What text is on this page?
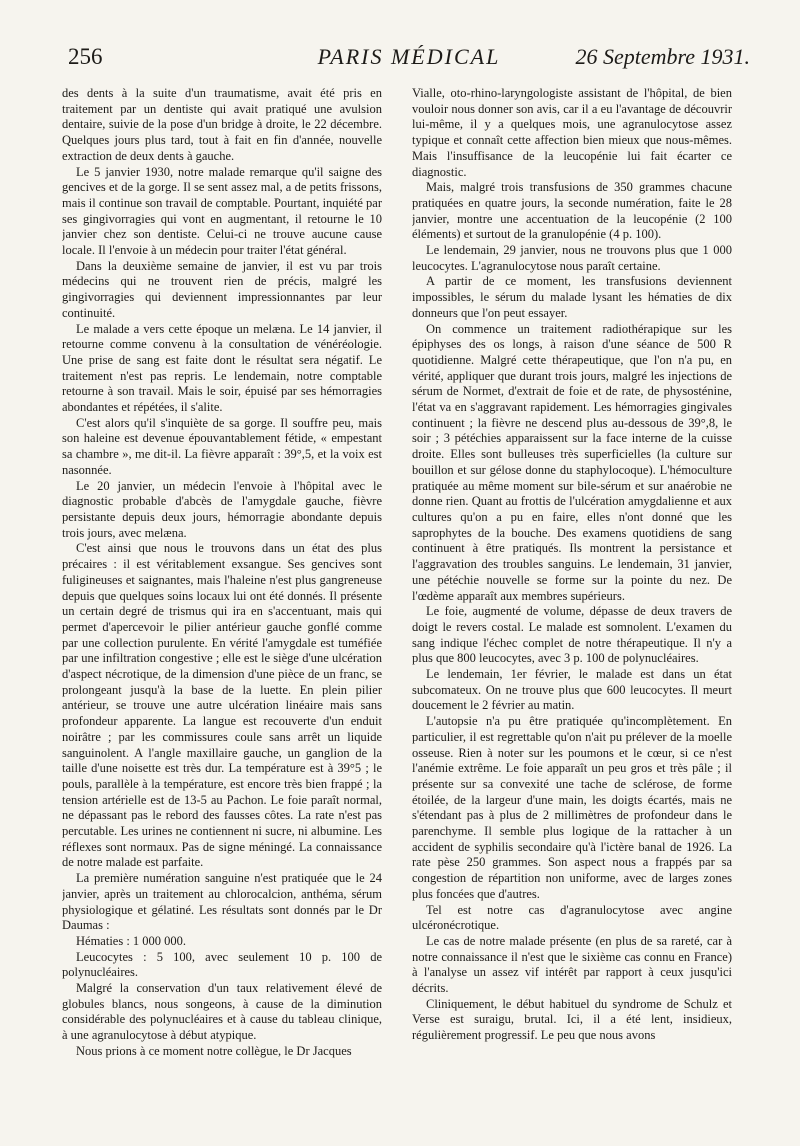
256	PARIS MÉDICAL	26 Septembre 1931.

des dents à la suite d'un traumatisme, avait été pris en traitement par un dentiste qui avait pratiqué une avulsion dentaire, suivie de la pose d'un bridge à droite, le 22 décembre. Quelques jours plus tard, tout à fait en fin d'année, nouvelle extraction de deux dents à gauche.

Le 5 janvier 1930, notre malade remarque qu'il saigne des gencives et de la gorge. Il se sent assez mal, a de petits frissons, mais il continue son travail de comptable. Pourtant, inquiété par ses gingivorragies qui vont en augmentant, il retourne le 10 janvier chez son dentiste. Celui-ci ne trouve aucune cause locale. Il l'envoie à un médecin pour traiter l'état général.

Dans la deuxième semaine de janvier, il est vu par trois médecins qui ne trouvent rien de précis, malgré les gingivorragies qui deviennent impressionnantes par leur continuité.

Le malade a vers cette époque un melæna. Le 14 janvier, il retourne comme convenu à la consultation de vénéréologie. Une prise de sang est faite dont le résultat sera négatif. Le traitement n'est pas repris. Le lendemain, notre comptable retourne à son travail. Mais le soir, épuisé par ses hémorragies abondantes et répétées, il s'alite.

C'est alors qu'il s'inquiète de sa gorge. Il souffre peu, mais son haleine est devenue épouvantablement fétide, « empestant sa chambre », me dit-il. La fièvre apparaît : 39°,5, et la voix est nasonnée.

Le 20 janvier, un médecin l'envoie à l'hôpital avec le diagnostic probable d'abcès de l'amygdale gauche, fièvre persistante depuis deux jours, hémorragie abondante depuis trois jours, avec melæna.

C'est ainsi que nous le trouvons dans un état des plus précaires : il est véritablement exsangue. Ses gencives sont fuligineuses et saignantes, mais l'haleine n'est plus gangreneuse depuis que quelques soins locaux lui ont été donnés. Il présente un certain degré de trismus qui ira en s'accentuant, mais qui permet d'apercevoir le pilier antérieur gauche gonflé comme par une collection purulente. En vérité l'amygdale est tuméfiée par une infiltration congestive ; elle est le siège d'une ulcération d'aspect nécrotique, de la dimension d'une pièce de un franc, se prolongeant jusqu'à la base de la luette. En plein pilier antérieur, se trouve une autre ulcération linéaire mais sans profondeur apparente. La langue est recouverte d'un enduit noirâtre ; par les commissures coule sans arrêt un liquide sanguinolent. A l'angle maxillaire gauche, un ganglion de la taille d'une noisette est très dur. La température est à 39°5 ; le pouls, parallèle à la température, est encore très bien frappé ; la tension artérielle est de 13-5 au Pachon. Le foie paraît normal, ne dépassant pas le rebord des fausses côtes. La rate n'est pas percutable. Les urines ne contiennent ni sucre, ni albumine. Les réflexes sont normaux. Pas de signe méningé. La connaissance de notre malade est parfaite.

La première numération sanguine n'est pratiquée que le 24 janvier, après un traitement au chlorocalcion, anthéma, sérum physiologique et gélatiné. Les résultats sont donnés par le Dr Daumas :

Hématies : 1 000 000.

Leucocytes : 5 100, avec seulement 10 p. 100 de polynucléaires.

Malgré la conservation d'un taux relativement élevé de globules blancs, nous songeons, à cause de la diminution considérable des polynucléaires et à cause du tableau clinique, à une agranulocytose à début atypique.

Nous prions à ce moment notre collègue, le Dr Jacques

Vialle, oto-rhino-laryngologiste assistant de l'hôpital, de bien vouloir nous donner son avis, car il a eu l'avantage de découvrir lui-même, il y a quelques mois, une agranulocytose assez typique et connaît cette affection bien mieux que nous-mêmes. Mais l'insuffisance de la leucopénie lui fait écarter ce diagnostic.

Mais, malgré trois transfusions de 350 grammes chacune pratiquées en quatre jours, la seconde numération, faite le 28 janvier, montre une accentuation de la leucopénie (2 100 éléments) et surtout de la granulopénie (4 p. 100).

Le lendemain, 29 janvier, nous ne trouvons plus que 1 000 leucocytes. L'agranulocytose nous paraît certaine.

A partir de ce moment, les transfusions deviennent impossibles, le sérum du malade lysant les hématies de dix donneurs que l'on peut essayer.

On commence un traitement radiothérapique sur les épiphyses des os longs, à raison d'une séance de 500 R quotidienne. Malgré cette thérapeutique, que l'on n'a pu, en vérité, appliquer que durant trois jours, malgré les injections de sérum de Normet, d'extrait de foie et de rate, de physosténine, l'état va en s'aggravant rapidement. Les hémorragies gingivales continuent ; la fièvre ne descend plus au-dessous de 39°,8, le soir ; 3 pétéchies apparaissent sur la face interne de la cuisse droite. Elles sont bulleuses très superficielles (la culture sur bouillon et sur gélose donne du staphylocoque). L'hémoculture pratiquée au même moment sur bile-sérum et sur anaérobie ne donne rien. Quant au frottis de l'ulcération amygdalienne et aux cultures qu'on a pu en faire, elles n'ont donné que les saprophytes de la bouche. Des examens quotidiens de sang continuent à être pratiqués. Ils montrent la persistance et l'aggravation des troubles sanguins. Le lendemain, 31 janvier, une pétéchie nouvelle se forme sur la pointe du nez. De l'œdème apparaît aux membres supérieurs.

Le foie, augmenté de volume, dépasse de deux travers de doigt le revers costal. Le malade est somnolent. L'examen du sang indique l'échec complet de notre thérapeutique. Il n'y a plus que 800 leucocytes, avec 3 p. 100 de polynucléaires.

Le lendemain, 1er février, le malade est dans un état subcomateux. On ne trouve plus que 600 leucocytes. Il meurt doucement le 2 février au matin.

L'autopsie n'a pu être pratiquée qu'incomplètement. En particulier, il est regrettable qu'on n'ait pu prélever de la moelle osseuse. Rien à noter sur les poumons et le cœur, si ce n'est l'anémie extrême. Le foie apparaît un peu gros et très pâle ; il présente sur sa convexité une tache de sclérose, de forme étoilée, de la largeur d'une main, les doigts écartés, mais ne s'étendant pas à plus de 2 millimètres de profondeur dans le parenchyme. Il semble plus logique de la rattacher à un accident de syphilis secondaire qu'à l'ictère banal de 1926. La rate pèse 250 grammes. Son aspect nous a frappés par sa congestion de répartition non uniforme, avec de larges zones plus foncées que d'autres.

Tel est notre cas d'agranulocytose avec angine ulcéronécrotique.

Le cas de notre malade présente (en plus de sa rareté, car à notre connaissance il n'est que le sixième cas connu en France) à l'analyse un assez vif intérêt par rapport à ceux jusqu'ici décrits.

Cliniquement, le début habituel du syndrome de Schulz et Verse est suraigu, brutal. Ici, il a été lent, insidieux, régulièrement progressif. Le peu que nous avons
